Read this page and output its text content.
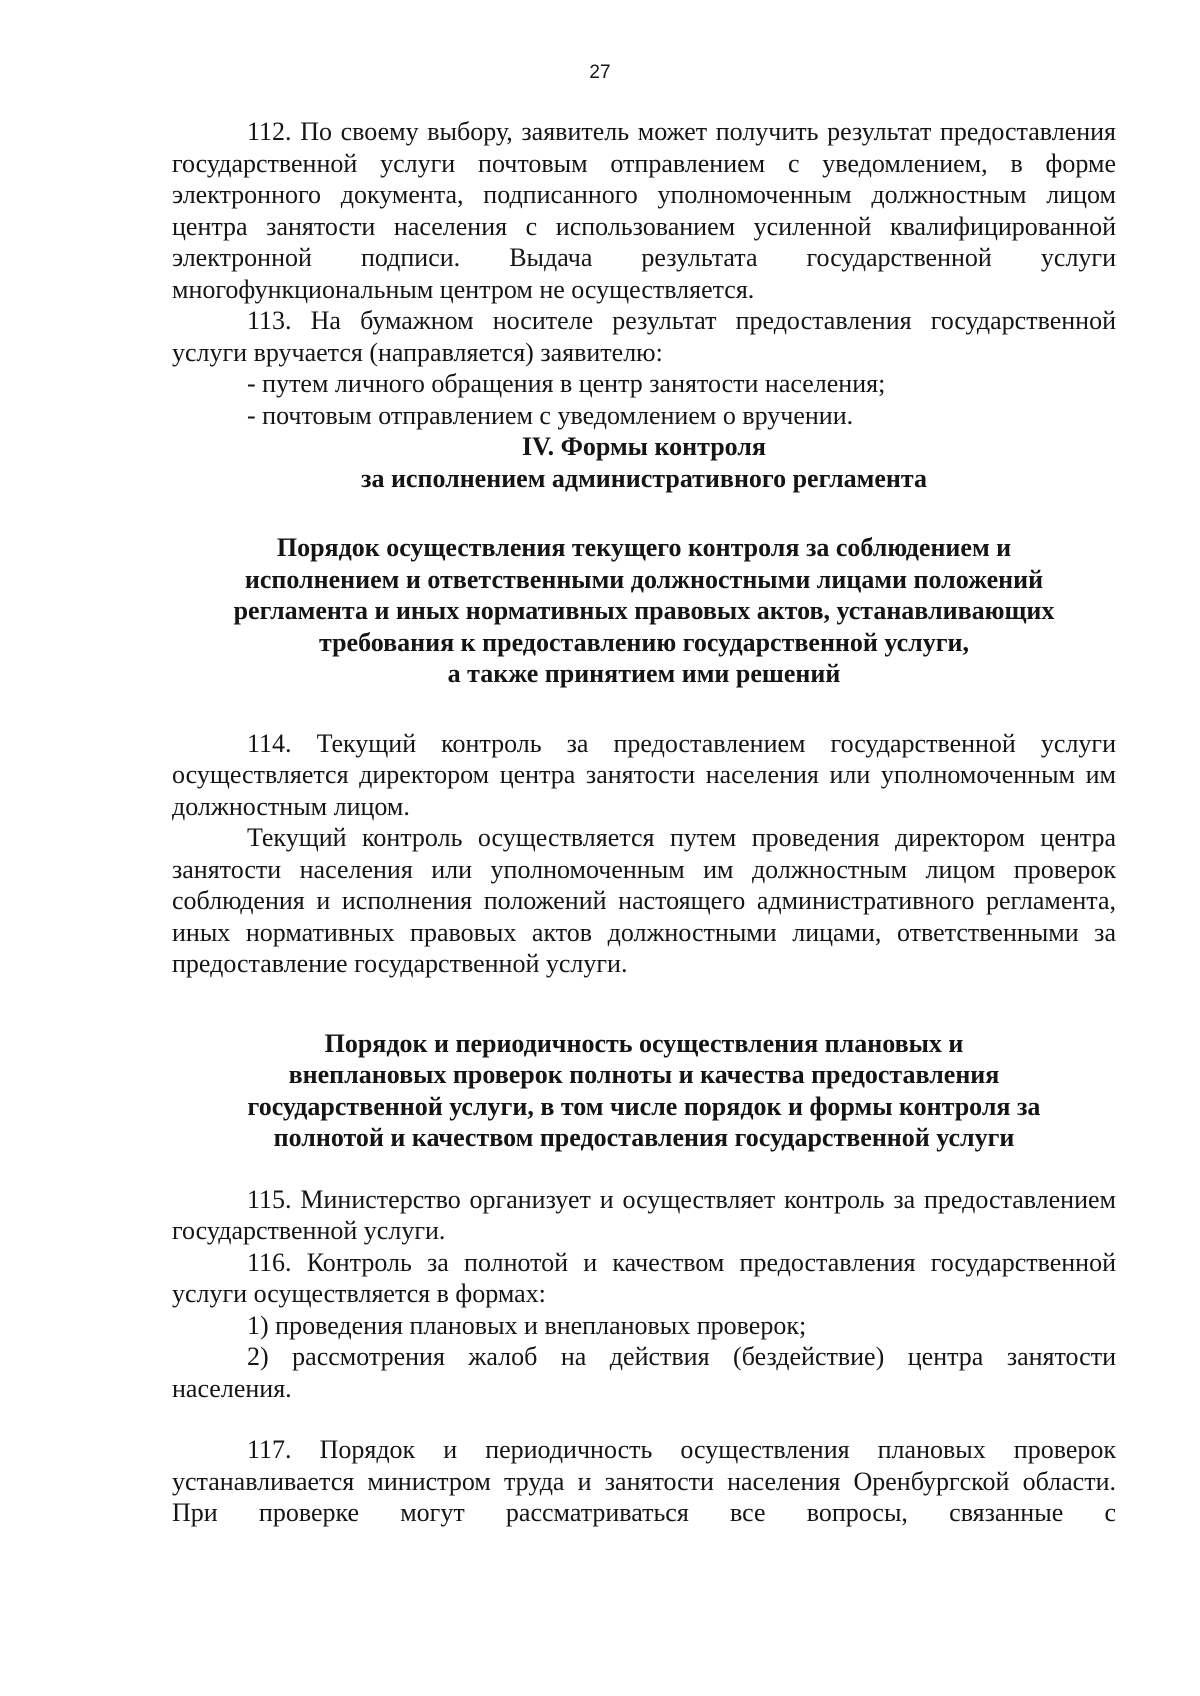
27

112. По своему выбору, заявитель может получить результат предоставления государственной услуги почтовым отправлением с уведомлением, в форме электронного документа, подписанного уполномоченным должностным лицом центра занятости населения с использованием усиленной квалифицированной электронной подписи. Выдача результата государственной услуги многофункциональным центром не осуществляется.

113. На бумажном носителе результат предоставления государственной услуги вручается (направляется) заявителю:

- путем личного обращения в центр занятости населения;

- почтовым отправлением с уведомлением о вручении.

IV. Формы контроля

за исполнением административного регламента

Порядок осуществления текущего контроля за соблюдением и

исполнением и ответственными должностными лицами положений

регламента и иных нормативных правовых актов, устанавливающих

требования к предоставлению государственной услуги,

а также принятием ими решений

114. Текущий контроль за предоставлением государственной услуги осуществляется директором центра занятости населения или уполномоченным им должностным лицом.

Текущий контроль осуществляется путем проведения директором центра занятости населения или уполномоченным им должностным лицом проверок соблюдения и исполнения положений настоящего административного регламента, иных нормативных правовых актов должностными лицами, ответственными за предоставление государственной услуги.

Порядок и периодичность осуществления плановых и

внеплановых проверок полноты и качества предоставления

государственной услуги, в том числе порядок и формы контроля за

полнотой и качеством предоставления государственной услуги

115. Министерство организует и осуществляет контроль за предоставлением государственной услуги.

116. Контроль за полнотой и качеством предоставления государственной услуги осуществляется в формах:

1) проведения плановых и внеплановых проверок;

2) рассмотрения жалоб на действия (бездействие) центра занятости населения.

117. Порядок и периодичность осуществления плановых проверок устанавливается министром труда и занятости населения Оренбургской области. При проверке могут рассматриваться все вопросы, связанные с
